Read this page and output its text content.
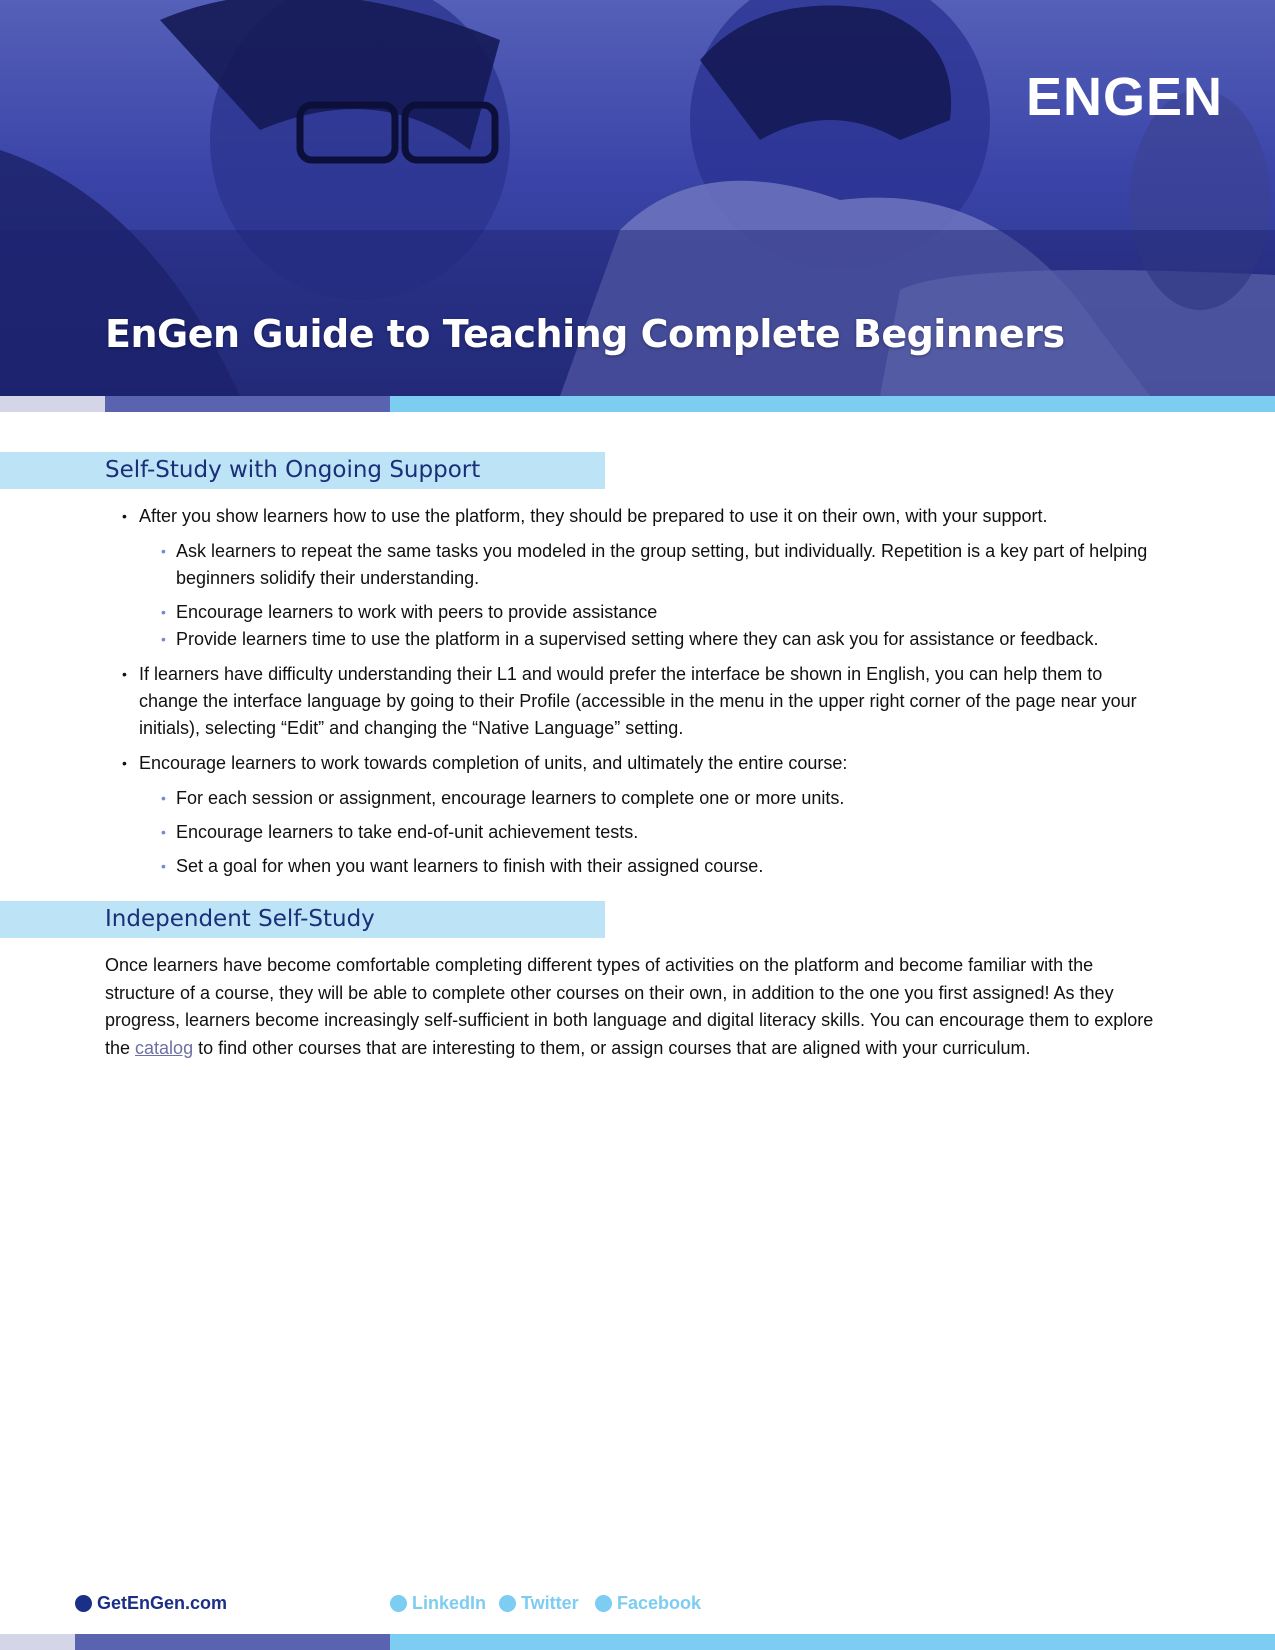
ENGEN
EnGen Guide to Teaching Complete Beginners
Self-Study with Ongoing Support
• After you show learners how to use the platform, they should be prepared to use it on their own, with your support.
• Ask learners to repeat the same tasks you modeled in the group setting, but individually. Repetition is a key part of helping beginners solidify their understanding.
• Encourage learners to work with peers to provide assistance
• Provide learners time to use the platform in a supervised setting where they can ask you for assistance or feedback.
• If learners have difficulty understanding their L1 and would prefer the interface be shown in English, you can help them to change the interface language by going to their Profile (accessible in the menu in the upper right corner of the page near your initials), selecting “Edit” and changing the “Native Language” setting.
• Encourage learners to work towards completion of units, and ultimately the entire course:
• For each session or assignment, encourage learners to complete one or more units.
• Encourage learners to take end-of-unit achievement tests.
• Set a goal for when you want learners to finish with their assigned course.
Independent Self-Study

Once learners have become comfortable completing different types of activities on the platform and become familiar with the structure of a course, they will be able to complete other courses on their own, in addition to the one you first assigned! As they progress, learners become increasingly self-sufficient in both language and digital literacy skills. You can encourage them to explore the catalog to find other courses that are interesting to them, or assign courses that are aligned with your curriculum.

GetEnGen.com	LinkedIn Twitter Facebook
